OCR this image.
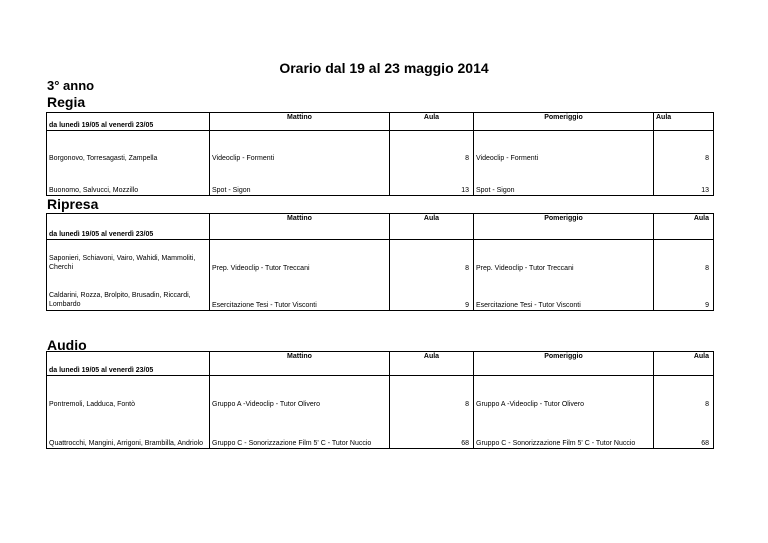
Orario dal 19 al 23 maggio 2014
3° anno
Regia
da lunedì 19/05 al venerdì 23/05	Mattino	Aula	Pomeriggio	Aula
Borgonovo, Torresagasti, Zampella	Videoclip - Formenti	8	Videoclip - Formenti	8
Buonomo, Salvucci, Mozzillo	Spot - Sigon	13	Spot - Sigon	13
Ripresa
da lunedì 19/05 al venerdì 23/05	Mattino	Aula	Pomeriggio	Aula
Saponieri, Schiavoni, Vairo, Wahidi, Mammoliti, Cherchi	Prep. Videoclip - Tutor Treccani	8	Prep. Videoclip - Tutor Treccani	8
Caldarini, Rozza, Brolpito, Brusadin, Riccardi, Lombardo	Esercitazione Tesi - Tutor Visconti	9	Esercitazione Tesi - Tutor Visconti	9
Audio
da lunedì 19/05 al venerdì 23/05	Mattino	Aula	Pomeriggio	Aula
Pontremoli, Ladduca, Fontò	Gruppo A -Videoclip - Tutor Olivero	8	Gruppo A -Videoclip - Tutor Olivero	8
Quattrocchi, Mangini, Arrigoni, Brambilla, Andriolo	Gruppo C - Sonorizzazione Film 5' C - Tutor Nuccio	68	Gruppo C - Sonorizzazione Film 5' C - Tutor Nuccio	68
